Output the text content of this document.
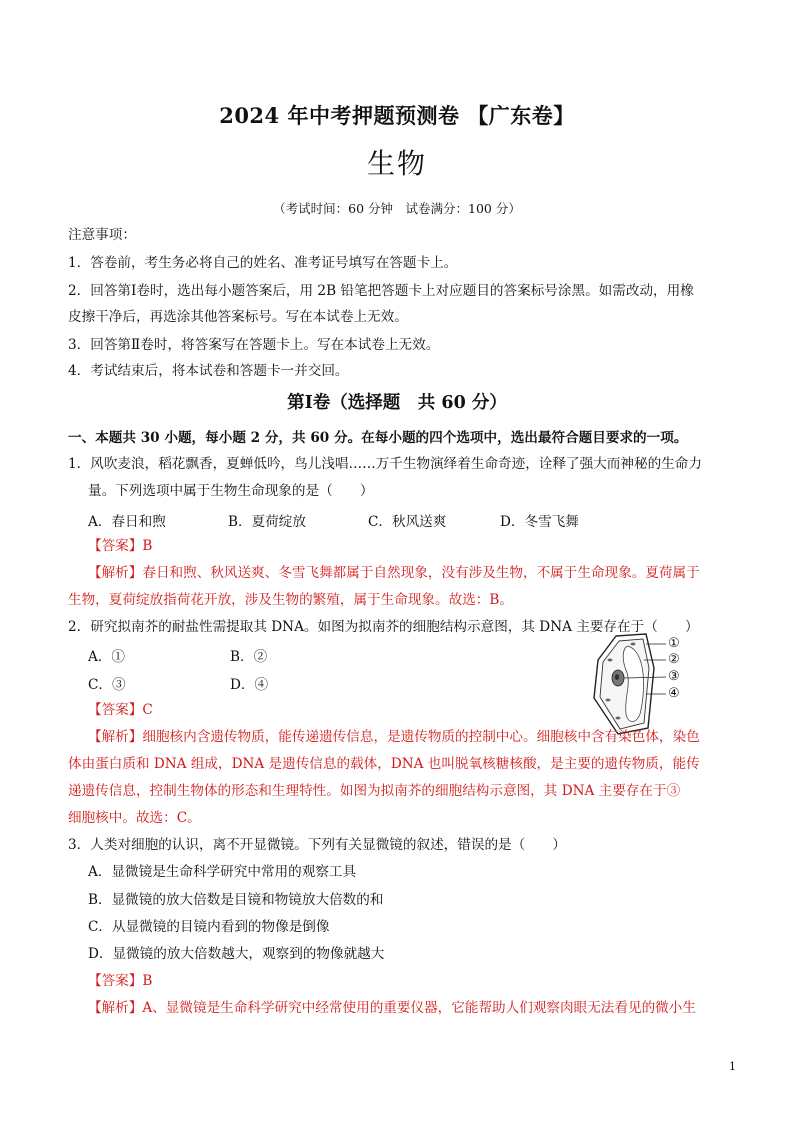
2024 年中考押题预测卷 【广东卷】
生物
（考试时间：60 分钟　试卷满分：100 分）
注意事项：
1．答卷前，考生务必将自己的姓名、准考证号填写在答题卡上。
2．回答第Ⅰ卷时，选出每小题答案后，用 2B 铅笔把答题卡上对应题目的答案标号涂黑。如需改动，用橡
皮擦干净后，再选涂其他答案标号。写在本试卷上无效。
3．回答第Ⅱ卷时，将答案写在答题卡上。写在本试卷上无效。
4．考试结束后，将本试卷和答题卡一并交回。
第Ⅰ卷（选择题　共 60 分）
一、本题共 30 小题，每小题 2 分，共 60 分。在每小题的四个选项中，选出最符合题目要求的一项。
1．风吹麦浪，稻花飘香，夏蝉低吟，鸟儿浅唱……万千生物演绎着生命奇迹，诠释了强大而神秘的生命力
量。下列选项中属于生物生命现象的是（　　）
A．春日和煦	B．夏荷绽放	C．秋风送爽	D．冬雪飞舞
【答案】B
【解析】春日和煦、秋风送爽、冬雪飞舞都属于自然现象，没有涉及生物，不属于生命现象。夏荷属于
生物，夏荷绽放指荷花开放，涉及生物的繁殖，属于生命现象。故选：B。
2．研究拟南芥的耐盐性需提取其 DNA。如图为拟南芥的细胞结构示意图，其 DNA 主要存在于（　　）
A．①	B．②
C．③	D．④
①
②
③
④
【答案】C
【解析】细胞核内含遗传物质，能传递遗传信息，是遗传物质的控制中心。细胞核中含有染色体，染色
体由蛋白质和 DNA 组成，DNA 是遗传信息的载体，DNA 也叫脱氧核糖核酸，是主要的遗传物质，能传
递遗传信息，控制生物体的形态和生理特性。如图为拟南芥的细胞结构示意图，其 DNA 主要存在于③
细胞核中。故选：C。
3．人类对细胞的认识，离不开显微镜。下列有关显微镜的叙述，错误的是（　　）
A．显微镜是生命科学研究中常用的观察工具
B．显微镜的放大倍数是目镜和物镜放大倍数的和
C．从显微镜的目镜内看到的物像是倒像
D．显微镜的放大倍数越大，观察到的物像就越大
【答案】B
【解析】A、显微镜是生命科学研究中经常使用的重要仪器，它能帮助人们观察肉眼无法看见的微小生
1
